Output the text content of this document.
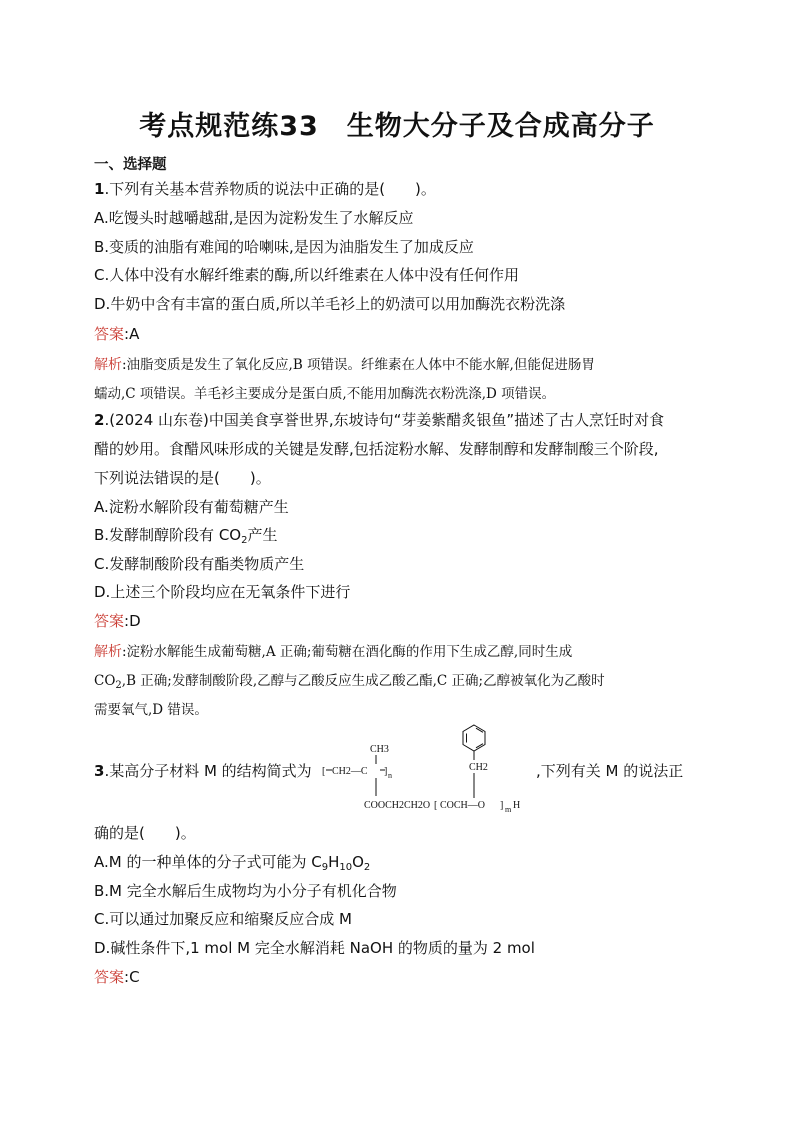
考点规范练33　生物大分子及合成高分子
一、选择题
1.下列有关基本营养物质的说法中正确的是(　　)。
A.吃馒头时越嚼越甜,是因为淀粉发生了水解反应
B.变质的油脂有难闻的哈喇味,是因为油脂发生了加成反应
C.人体中没有水解纤维素的酶,所以纤维素在人体中没有任何作用
D.牛奶中含有丰富的蛋白质,所以羊毛衫上的奶渍可以用加酶洗衣粉洗涤
答案:A
解析:油脂变质是发生了氧化反应,B 项错误。纤维素在人体中不能水解,但能促进肠胃
蠕动,C 项错误。羊毛衫主要成分是蛋白质,不能用加酶洗衣粉洗涤,D 项错误。
2.(2024 山东卷)中国美食享誉世界,东坡诗句“芽姜紫醋炙银鱼”描述了古人烹饪时对食
醋的妙用。食醋风味形成的关键是发酵,包括淀粉水解、发酵制醇和发酵制酸三个阶段,
下列说法错误的是(　　)。
A.淀粉水解阶段有葡萄糖产生
B.发酵制醇阶段有 $CO_2$产生
C.发酵制酸阶段有酯类物质产生
D.上述三个阶段均应在无氧条件下进行
答案:D
解析:淀粉水解能生成葡萄糖,A 正确;葡萄糖在酒化酶的作用下生成乙醇,同时生成
$CO_2,B$ 正确;发酵制酸阶段,乙醇与乙酸反应生成乙酸乙酯,C 正确;乙醇被氧化为乙酸时
需要氧气,D 错误。
3.某高分子材料 M 的结构简式为	CH2
CH3
[ CH2—C ] n
COOCH2CH2O [ COCH—O ] m H
,下列有关 M 的说法正
确的是(　　)。
A.M 的一种单体的分子式可能为 $C_9H_{10}O_2$
B.M 完全水解后生成物均为小分子有机化合物
C.可以通过加聚反应和缩聚反应合成 M
D.碱性条件下,1 mol M 完全水解消耗 NaOH 的物质的量为 2 mol
答案:C
